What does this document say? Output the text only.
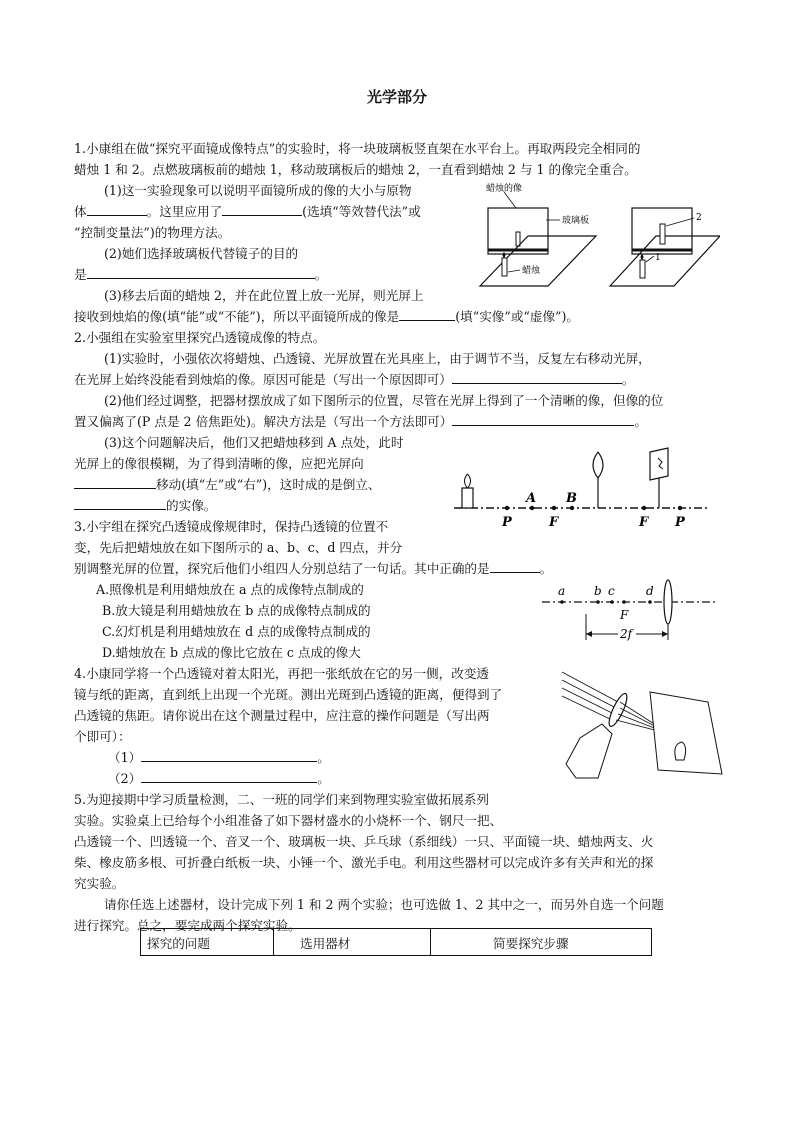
光学部分
1.小康组在做“探究平面镜成像特点”的实验时，将一块玻璃板竖直架在水平台上。再取两段完全相同的
蜡烛 1 和 2。点燃玻璃板前的蜡烛 1，移动玻璃板后的蜡烛 2，一直看到蜡烛 2 与 1 的像完全重合。
(1)这一实验现象可以说明平面镜所成的像的大小与原物
体	。这里应用了	(选填“等效替代法”或
“控制变量法”)的物理方法。
(2)她们选择玻璃板代替镜子的目的
是	。
(3)移去后面的蜡烛 2，并在此位置上放一光屏，则光屏上
接收到烛焰的像(填“能”或“不能”)，所以平面镜所成的像是	(填“实像”或“虚像”)。
蜡烛的像
玻璃板
蜡烛
2
1
2.小强组在实验室里探究凸透镜成像的特点。
(1)实验时，小强依次将蜡烛、凸透镜、光屏放置在光具座上，由于调节不当，反复左右移动光屏，
在光屏上始终没能看到烛焰的像。原因可能是（写出一个原因即可）	。
(2)他们经过调整，把器材摆放成了如下图所示的位置，尽管在光屏上得到了一个清晰的像，但像的位
置又偏离了(P 点是 2 倍焦距处)。解决方法是（写出一个方法即可）	。
(3)这个问题解决后，他们又把蜡烛移到 A 点处，此时
光屏上的像很模糊，为了得到清晰的像，应把光屏向
移动(填“左”或“右”)，这时成的是倒立、
的实像。
P
A
F
B
F P
3.小宇组在探究凸透镜成像规律时，保持凸透镜的位置不
变，先后把蜡烛放在如下图所示的 a、b、c、d 四点，并分
别调整光屏的位置，探究后他们小组四人分别总结了一句话。其中正确的是	。
A.照像机是利用蜡烛放在 a 点的成像特点制成的
B.放大镜是利用蜡烛放在 b 点的成像特点制成的
C.幻灯机是利用蜡烛放在 d 点的成像特点制成的
D.蜡烛放在 b 点成的像比它放在 c 点成的像大
a b c
F
d
2f
4.小康同学将一个凸透镜对着太阳光，再把一张纸放在它的另一侧，改变透
镜与纸的距离，直到纸上出现一个光斑。测出光斑到凸透镜的距离，便得到了
凸透镜的焦距。请你说出在这个测量过程中，应注意的操作问题是（写出两
个即可）：
（1）	。
（2）	。
5.为迎接期中学习质量检测，二、一班的同学们来到物理实验室做拓展系列
实验。实验桌上已给每个小组准备了如下器材盛水的小烧杯一个、钢尺一把、
凸透镜一个、凹透镜一个、音叉一个、玻璃板一块、乒乓球（系细线）一只、平面镜一块、蜡烛两支、火
柴、橡皮筋多根、可折叠白纸板一块、小锤一个、激光手电。利用这些器材可以完成许多有关声和光的探
究实验。
请你任选上述器材，设计完成下列 1 和 2 两个实验；也可选做 1、2 其中之一，而另外自选一个问题
进行探究。总之，要完成两个探究实验。
探究的问题	选用器材	简要探究步骤
